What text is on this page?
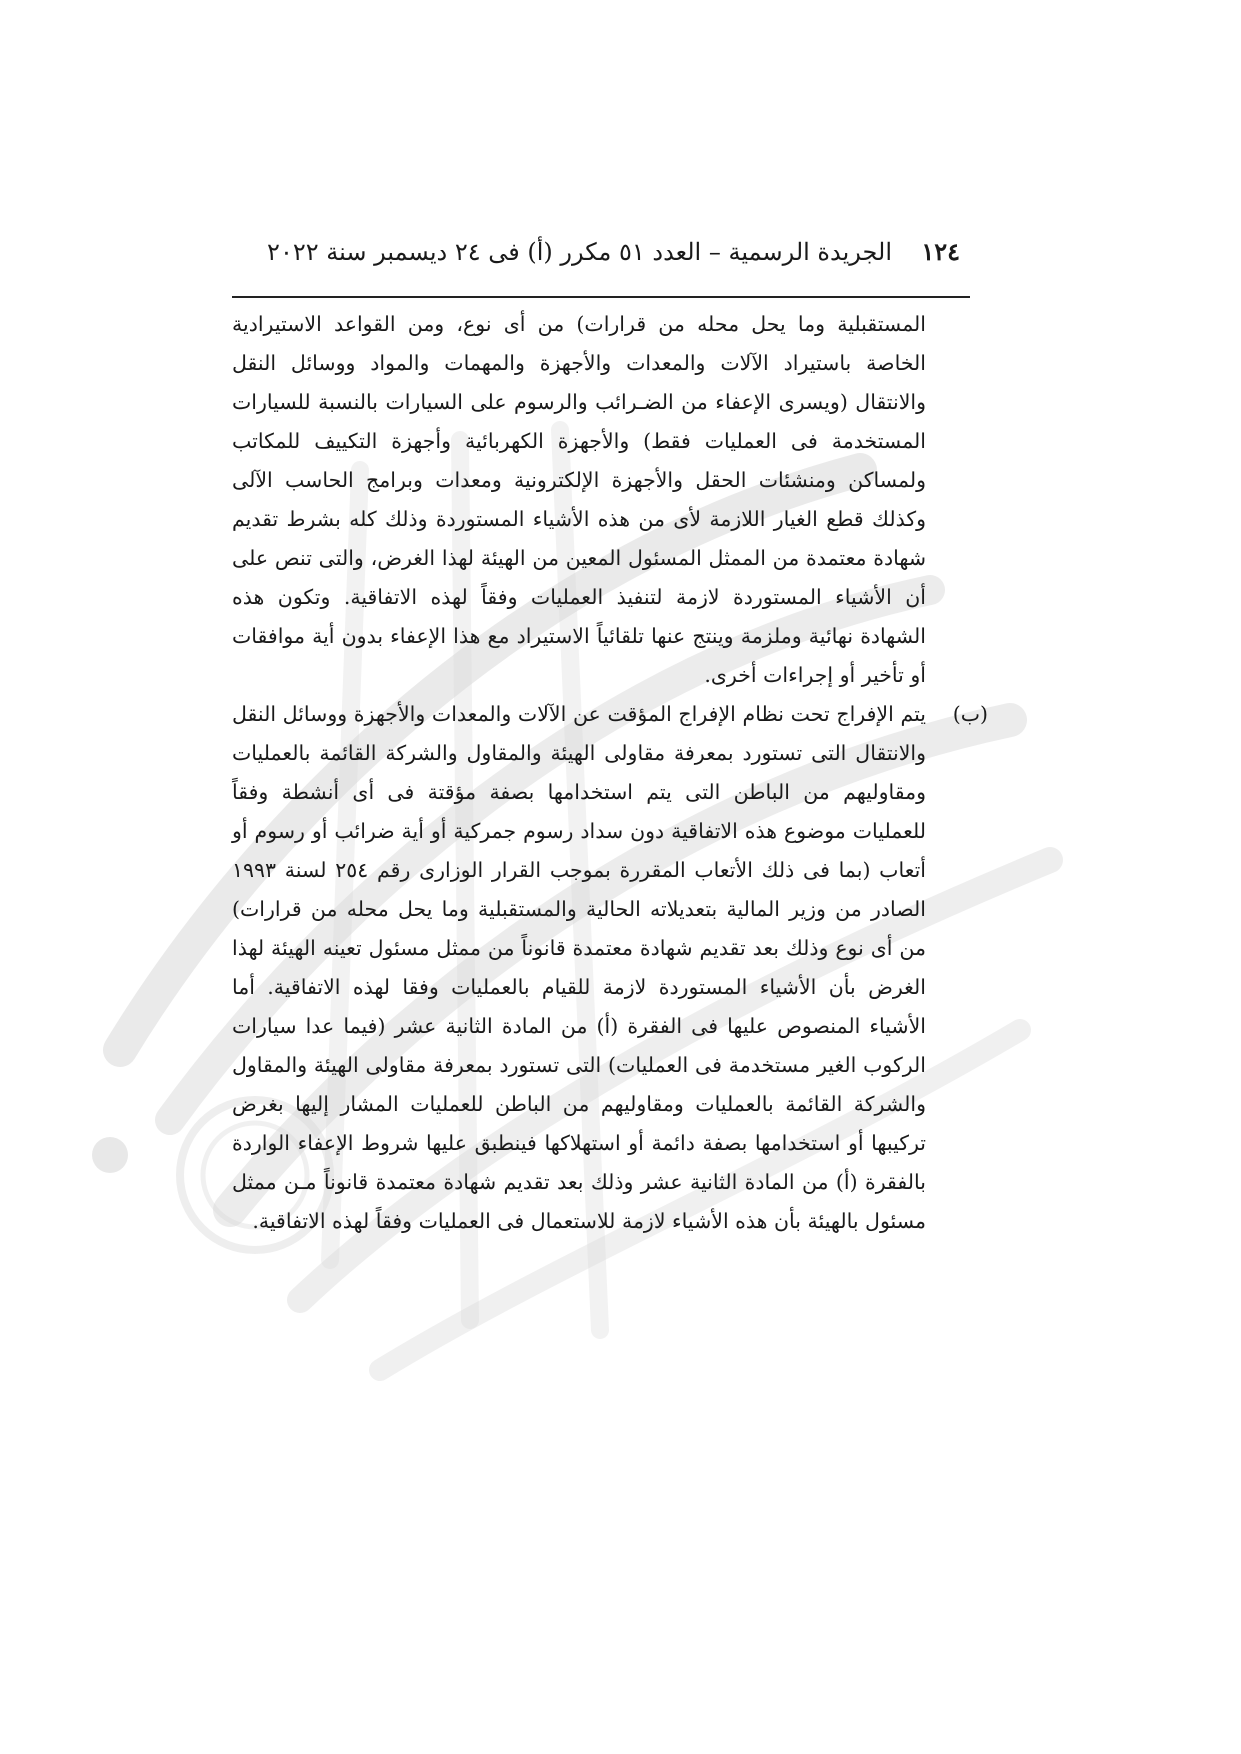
١٢٤
الجريدة الرسمية – العدد ٥١ مكرر (أ) فى ٢٤ ديسمبر سنة ٢٠٢٢

المستقبلية وما يحل محله من قرارات) من أى نوع، ومن القواعد الاستيرادية الخاصة باستيراد الآلات والمعدات والأجهزة والمهمات والمواد ووسائل النقل والانتقال (ويسرى الإعفاء من الضـرائب والرسوم على السيارات بالنسبة للسيارات المستخدمة فى العمليات فقط) والأجهزة الكهربائية وأجهزة التكييف للمكاتب ولمساكن ومنشئات الحقل والأجهزة الإلكترونية ومعدات وبرامج الحاسب الآلى وكذلك قطع الغيار اللازمة لأى من هذه الأشياء المستوردة وذلك كله بشرط تقديم شهادة معتمدة من الممثل المسئول المعين من الهيئة لهذا الغرض، والتى تنص على أن الأشياء المستوردة لازمة لتنفيذ العمليات وفقاً لهذه الاتفاقية. وتكون هذه الشهادة نهائية وملزمة وينتج عنها تلقائياً الاستيراد مع هذا الإعفاء بدون أية موافقات أو تأخير أو إجراءات أخرى.

(ب)
يتم الإفراج تحت نظام الإفراج المؤقت عن الآلات والمعدات والأجهزة ووسائل النقل والانتقال التى تستورد بمعرفة مقاولى الهيئة والمقاول والشركة القائمة بالعمليات ومقاوليهم من الباطن التى يتم استخدامها بصفة مؤقتة فى أى أنشطة وفقاً للعمليات موضوع هذه الاتفاقية دون سداد رسوم جمركية أو أية ضرائب أو رسوم أو أتعاب (بما فى ذلك الأتعاب المقررة بموجب القرار الوزارى رقم ٢٥٤ لسنة ١٩٩٣ الصادر من وزير المالية بتعديلاته الحالية والمستقبلية وما يحل محله من قرارات) من أى نوع وذلك بعد تقديم شهادة معتمدة قانوناً من ممثل مسئول تعينه الهيئة لهذا الغرض بأن الأشياء المستوردة لازمة للقيام بالعمليات وفقا لهذه الاتفاقية. أما الأشياء المنصوص عليها فى الفقرة (أ) من المادة الثانية عشر (فيما عدا سيارات الركوب الغير مستخدمة فى العمليات) التى تستورد بمعرفة مقاولى الهيئة والمقاول والشركة القائمة بالعمليات ومقاوليهم من الباطن للعمليات المشار إليها بغرض تركيبها أو استخدامها بصفة دائمة أو استهلاكها فينطبق عليها شروط الإعفاء الواردة بالفقرة (أ) من المادة الثانية عشر وذلك بعد تقديم شهادة معتمدة قانوناً مـن ممثل مسئول بالهيئة بأن هذه الأشياء لازمة للاستعمال فى العمليات وفقاً لهذه الاتفاقية.
